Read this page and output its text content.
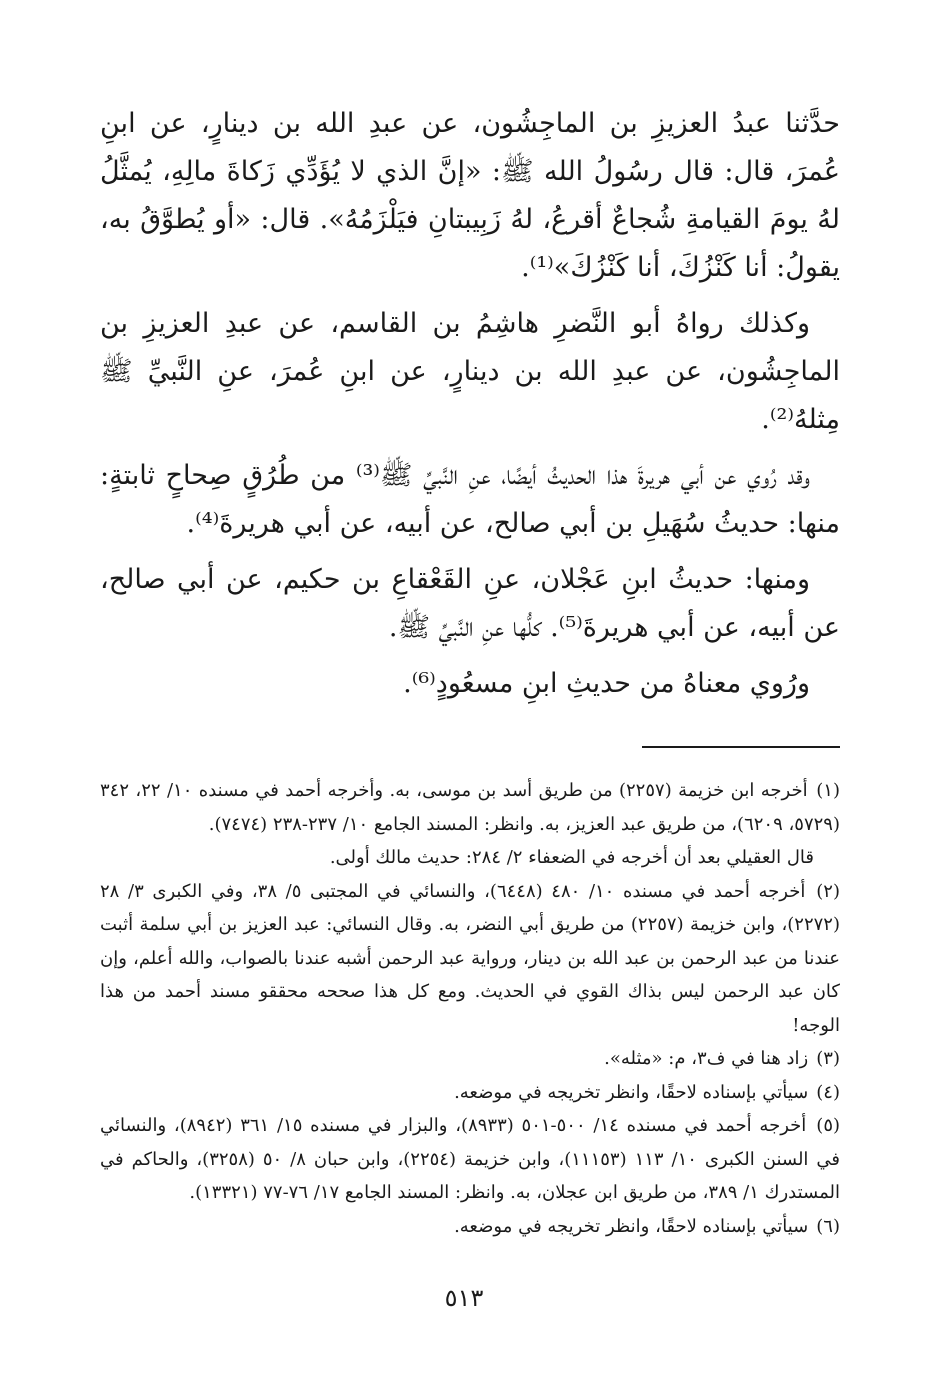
حدَّثنا عبدُ العزيزِ بن الماجِشُون، عن عبدِ الله بن دينارٍ، عن ابنِ عُمرَ، قال: قال رسُولُ الله ﷺ: «إنَّ الذي لا يُؤَدِّي زَكاةَ مالِهِ، يُمثَّلُ لهُ يومَ القيامةِ شُجاعٌ أقرعُ، لهُ زَبِيبتانِ فيَلْزَمُهُ». قال: «أو يُطوَّقُ به، يقولُ: أنا كَنْزُكَ، أنا كَنْزُكَ»⁽¹⁾.

وكذلك رواهُ أبو النَّضرِ هاشِمُ بن القاسم، عن عبدِ العزيزِ بن الماجِشُون، عن عبدِ الله بن دينارٍ، عن ابنِ عُمرَ، عنِ النَّبيِّ ﷺ مِثلهُ⁽²⁾.

وقد رُوي عن أبي هريرةَ هذا الحديثُ أيضًا، عنِ النَّبيِّ ﷺ⁽³⁾ من طُرُقٍ صِحاحٍ ثابتةٍ: منها: حديثُ سُهَيلِ بن أبي صالح، عن أبيه، عن أبي هريرةَ⁽⁴⁾.

ومنها: حديثُ ابنِ عَجْلان، عنِ القَعْقاعِ بن حكيم، عن أبي صالح، عن أبيه، عن أبي هريرةَ⁽⁵⁾. كلُّها عنِ النَّبيِّ ﷺ.

ورُوي معناهُ من حديثِ ابنِ مسعُودٍ⁽⁶⁾.

(١) أخرجه ابن خزيمة (٢٢٥٧) من طريق أسد بن موسى، به. وأخرجه أحمد في مسنده ١٠/ ٢٢، ٣٤٢ (٥٧٢٩، ٦٢٠٩)، من طريق عبد العزيز، به. وانظر: المسند الجامع ١٠/ ٢٣٧-٢٣٨ (٧٤٧٤).

قال العقيلي بعد أن أخرجه في الضعفاء ٢/ ٢٨٤: حديث مالك أولى.

(٢) أخرجه أحمد في مسنده ١٠/ ٤٨٠ (٦٤٤٨)، والنسائي في المجتبى ٥/ ٣٨، وفي الكبرى ٣/ ٢٨ (٢٢٧٢)، وابن خزيمة (٢٢٥٧) من طريق أبي النضر، به. وقال النسائي: عبد العزيز بن أبي سلمة أثبت عندنا من عبد الرحمن بن عبد الله بن دينار، ورواية عبد الرحمن أشبه عندنا بالصواب، والله أعلم، وإن كان عبد الرحمن ليس بذاك القوي في الحديث. ومع كل هذا صححه محققو مسند أحمد من هذا الوجه!

(٣) زاد هنا في ف٣، م: «مثله».

(٤) سيأتي بإسناده لاحقًا، وانظر تخريجه في موضعه.

(٥) أخرجه أحمد في مسنده ١٤/ ٥٠٠-٥٠١ (٨٩٣٣)، والبزار في مسنده ١٥/ ٣٦١ (٨٩٤٢)، والنسائي في السنن الكبرى ١٠/ ١١٣ (١١١٥٣)، وابن خزيمة (٢٢٥٤)، وابن حبان ٨/ ٥٠ (٣٢٥٨)، والحاكم في المستدرك ١/ ٣٨٩، من طريق ابن عجلان، به. وانظر: المسند الجامع ١٧/ ٧٦-٧٧ (١٣٣٢١).

(٦) سيأتي بإسناده لاحقًا، وانظر تخريجه في موضعه.

٥١٣
